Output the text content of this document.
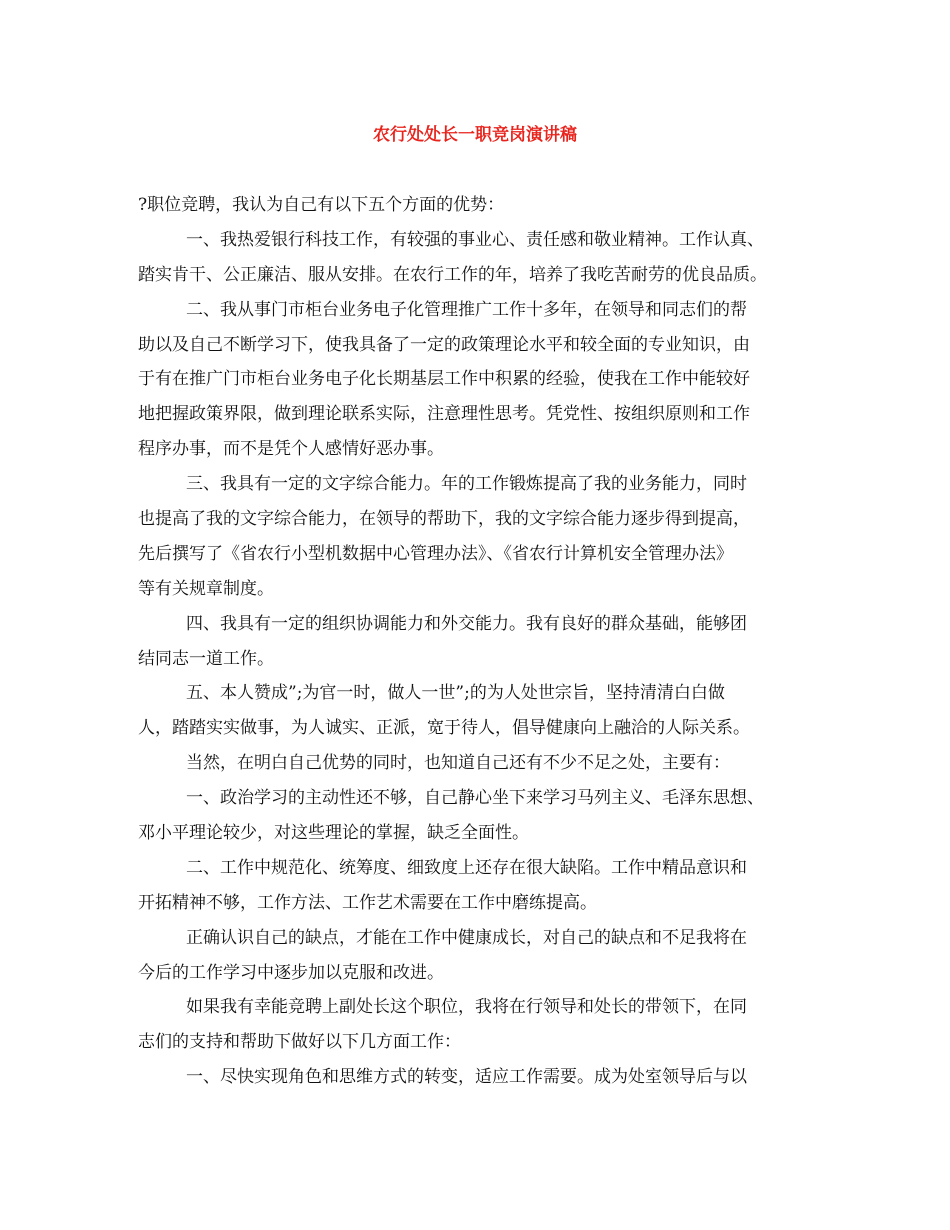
农行处处长一职竞岗演讲稿
?职位竞聘，我认为自己有以下五个方面的优势：
一、我热爱银行科技工作，有较强的事业心、责任感和敬业精神。工作认真、
踏实肯干、公正廉洁、服从安排。在农行工作的年，培养了我吃苦耐劳的优良品质。
二、我从事门市柜台业务电子化管理推广工作十多年，在领导和同志们的帮
助以及自己不断学习下，使我具备了一定的政策理论水平和较全面的专业知识，由
于有在推广门市柜台业务电子化长期基层工作中积累的经验，使我在工作中能较好
地把握政策界限，做到理论联系实际，注意理性思考。凭党性、按组织原则和工作
程序办事，而不是凭个人感情好恶办事。
三、我具有一定的文字综合能力。年的工作锻炼提高了我的业务能力，同时
也提高了我的文字综合能力，在领导的帮助下，我的文字综合能力逐步得到提高，
先后撰写了《省农行小型机数据中心管理办法》、《省农行计算机安全管理办法》
等有关规章制度。
四、我具有一定的组织协调能力和外交能力。我有良好的群众基础，能够团
结同志一道工作。
五、本人赞成”;为官一时，做人一世”;的为人处世宗旨，坚持清清白白做
人，踏踏实实做事，为人诚实、正派，宽于待人，倡导健康向上融洽的人际关系。
当然，在明白自己优势的同时，也知道自己还有不少不足之处，主要有：
一、政治学习的主动性还不够，自己静心坐下来学习马列主义、毛泽东思想、
邓小平理论较少，对这些理论的掌握，缺乏全面性。
二、工作中规范化、统筹度、细致度上还存在很大缺陷。工作中精品意识和
开拓精神不够，工作方法、工作艺术需要在工作中磨练提高。
正确认识自己的缺点，才能在工作中健康成长，对自己的缺点和不足我将在
今后的工作学习中逐步加以克服和改进。
如果我有幸能竞聘上副处长这个职位，我将在行领导和处长的带领下，在同
志们的支持和帮助下做好以下几方面工作：
一、尽快实现角色和思维方式的转变，适应工作需要。成为处室领导后与以
